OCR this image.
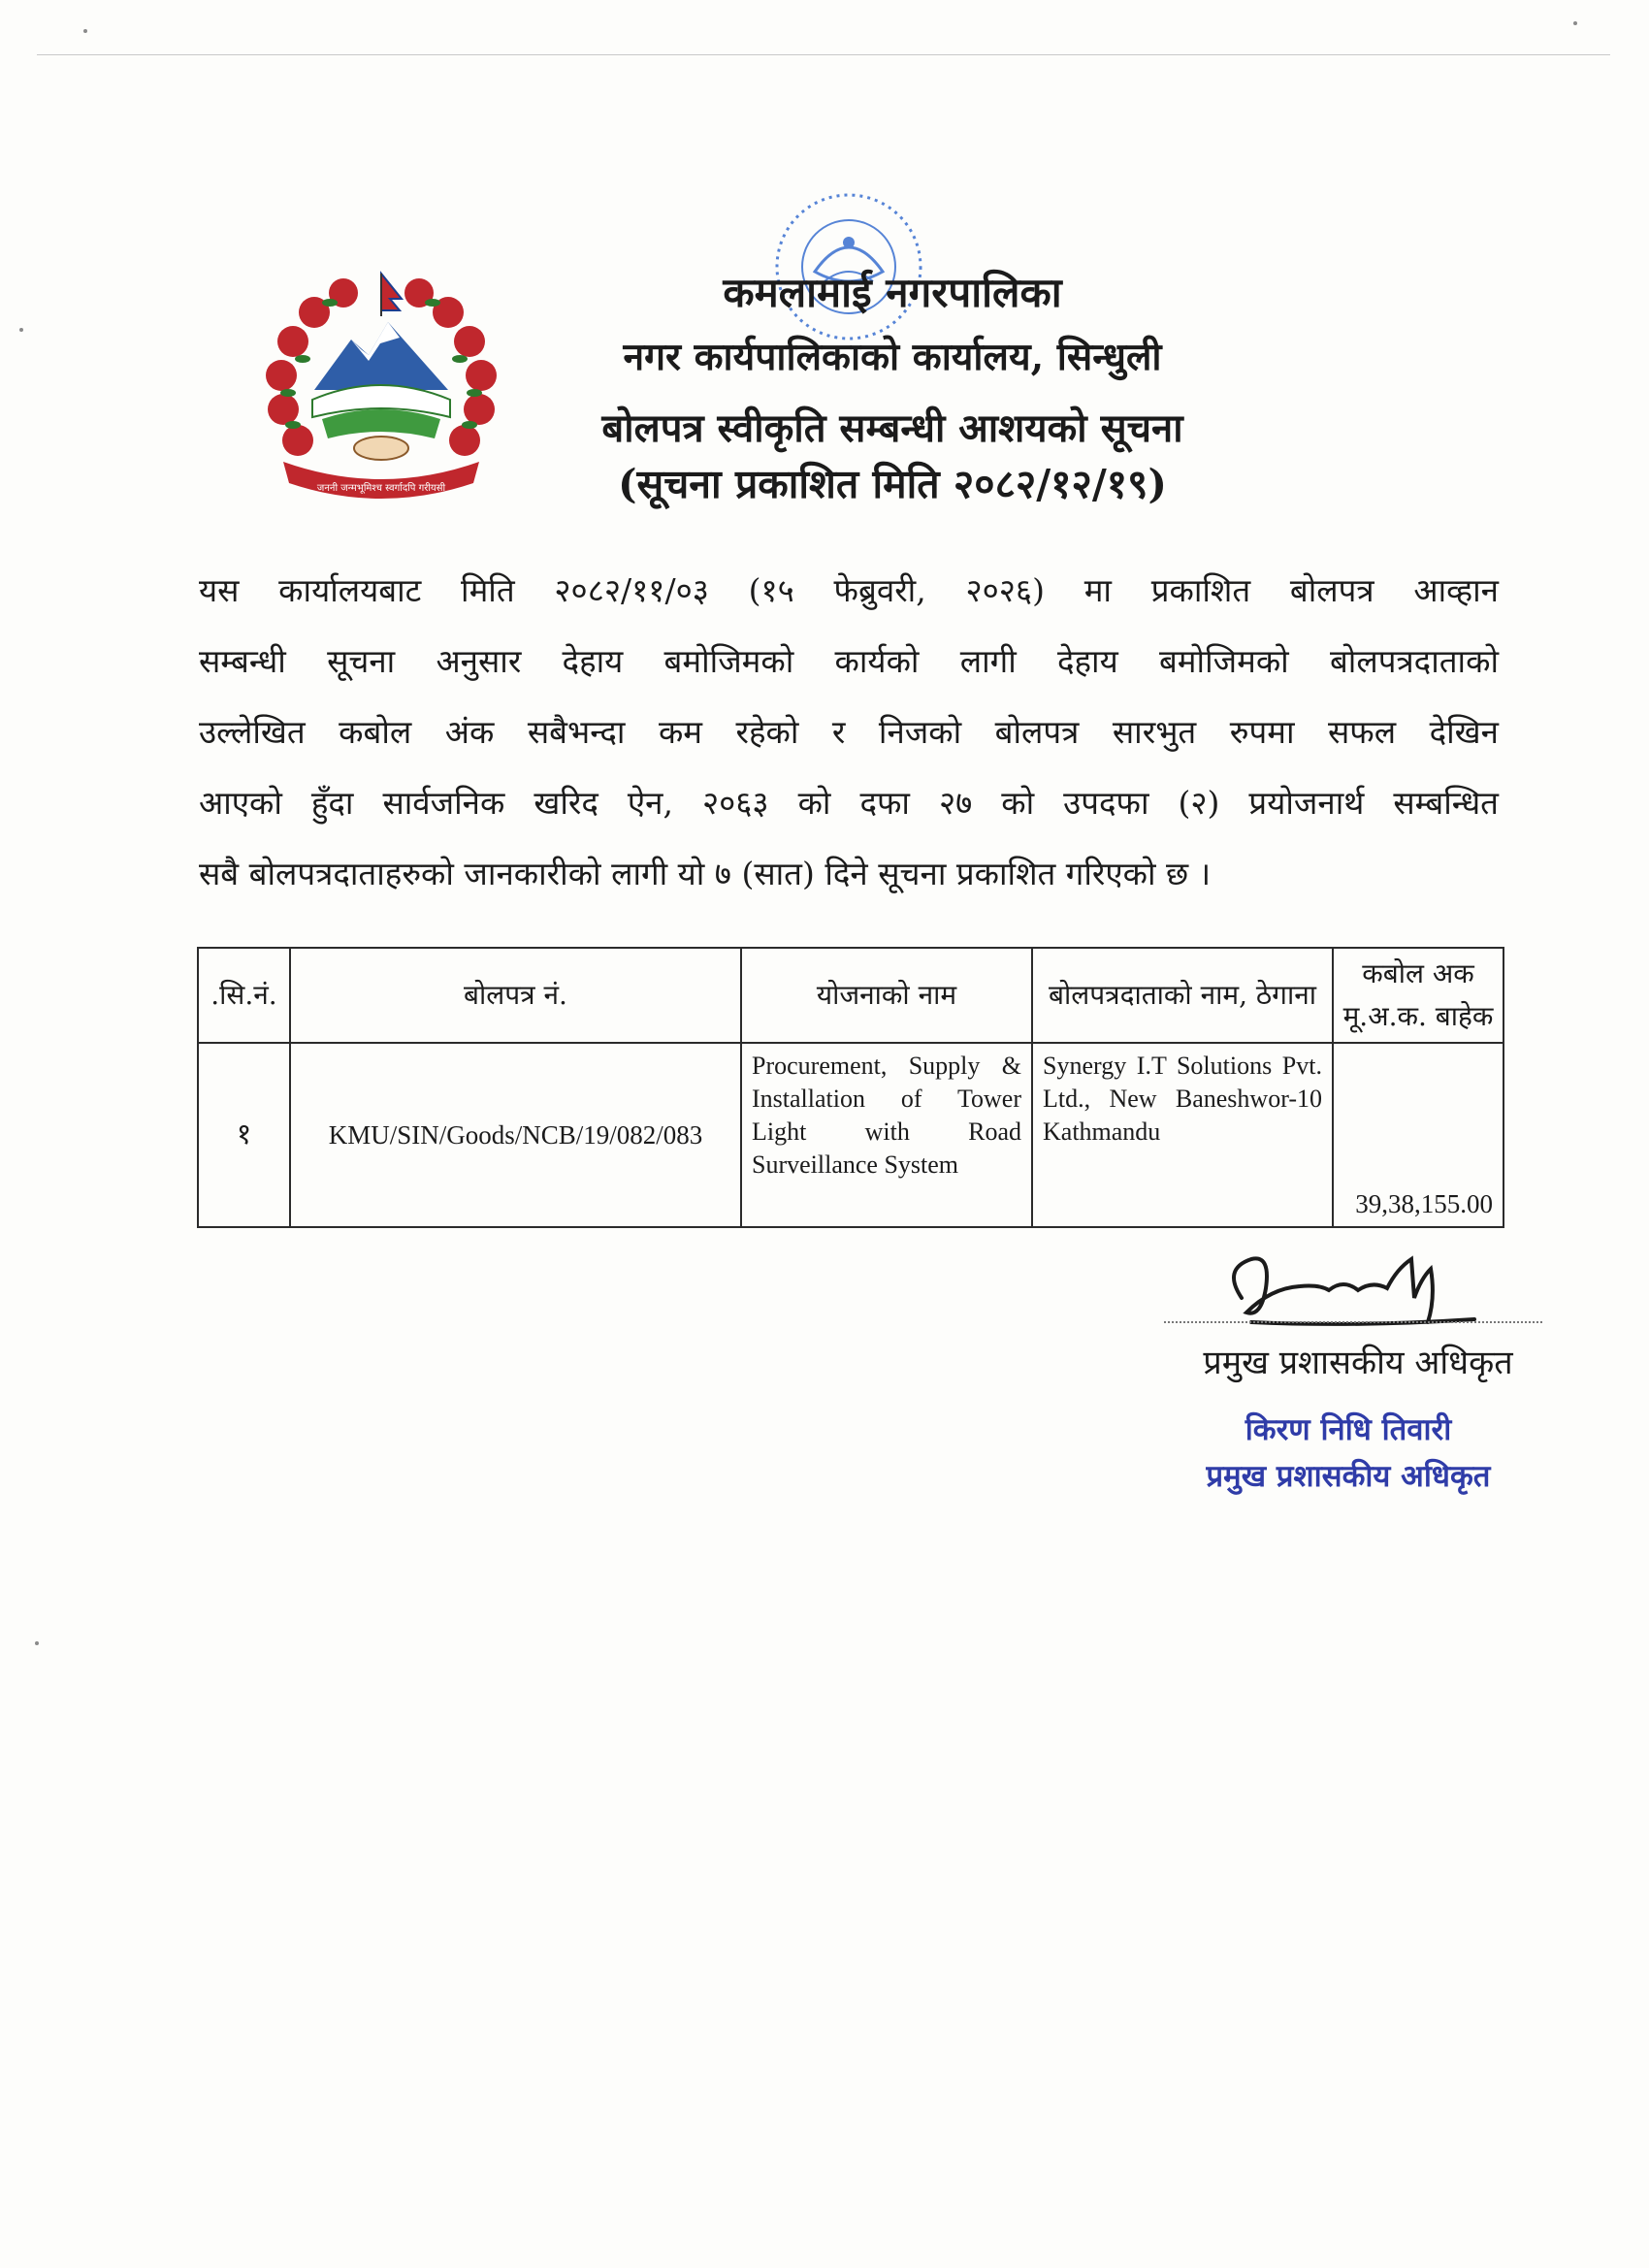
जननी जन्मभूमिश्च स्वर्गादपि गरीयसी
कमलामाई नगरपालिका
नगर कार्यपालिकाको कार्यालय, सिन्धुली
बोलपत्र स्वीकृति सम्बन्धी आशयको सूचना
(सूचना प्रकाशित मिति २०८२/१२/१९)
यस कार्यालयबाट मिति २०८२/११/०३ (१५ फेब्रुवरी, २०२६) मा प्रकाशित बोलपत्र आव्हान
सम्बन्धी सूचना अनुसार देहाय बमोजिमको कार्यको लागी देहाय बमोजिमको बोलपत्रदाताको
उल्लेखित कबोल अंक सबैभन्दा कम रहेको र निजको बोलपत्र सारभुत रुपमा सफल देखिन
आएको हुँदा सार्वजनिक खरिद ऐन, २०६३ को दफा २७ को उपदफा (२) प्रयोजनार्थ सम्बन्धित
सबै बोलपत्रदाताहरुको जानकारीको लागी यो ७ (सात) दिने सूचना प्रकाशित गरिएको छ ।
.सि.नं.	बोलपत्र नं.	योजनाको नाम	बोलपत्रदाताको नाम, ठेगाना	कबोल अक मू.अ.क. बाहेक
१	KMU/SIN/Goods/NCB/19/082/083	Procurement, Supply & Installation of Tower Light with Road Surveillance System	Synergy I.T Solutions Pvt. Ltd., New Baneshwor-10 Kathmandu	39,38,155.00
प्रमुख प्रशासकीय अधिकृत
किरण निधि तिवारी
प्रमुख प्रशासकीय अधिकृत
